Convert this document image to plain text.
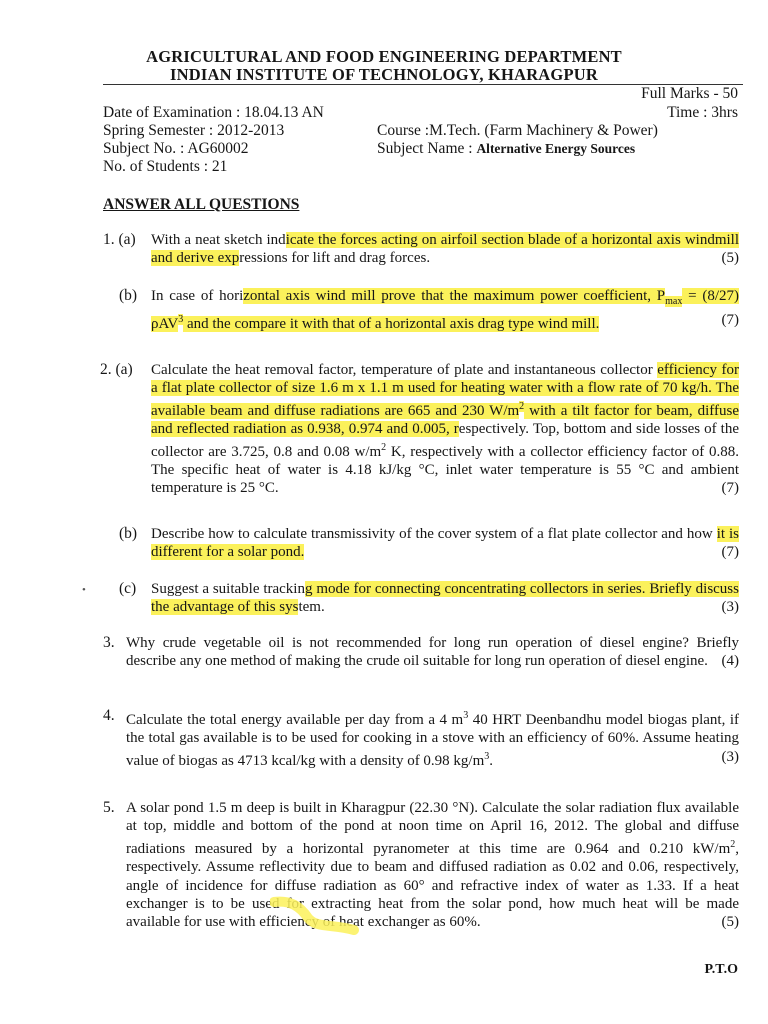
AGRICULTURAL AND FOOD ENGINEERING DEPARTMENT
INDIAN INSTITUTE OF TECHNOLOGY, KHARAGPUR
Full Marks - 50
Time : 3hrs
Date of Examination : 18.04.13 AN
Spring Semester : 2012-2013	Course :M.Tech. (Farm Machinery & Power)
Subject No. : AG60002	Subject Name : Alternative Energy Sources
No. of Students : 21
ANSWER ALL QUESTIONS
1. (a) With a neat sketch indicate the forces acting on airfoil section blade of a horizontal axis windmill and derive expressions for lift and drag forces.	(5)
(b) In case of horizontal axis wind mill prove that the maximum power coefficient, $P_{max} = (8/27)$ ρAV$^3$ and the compare it with that of a horizontal axis drag type wind mill.	(7)
2. (a) Calculate the heat removal factor, temperature of plate and instantaneous collector efficiency for a flat plate collector of size 1.6 m x 1.1 m used for heating water with a flow rate of 70 kg/h. The available beam and diffuse radiations are 665 and 230 $W/m^2$ with a tilt factor for beam, diffuse and reflected radiation as 0.938, 0.974 and 0.005, respectively. Top, bottom and side losses of the collector are 3.725, 0.8 and 0.08 $w/m^2$ K, respectively with a collector efficiency factor of 0.88. The specific heat of water is 4.18 kJ/kg °C, inlet water temperature is 55 °C and ambient temperature is 25 °C.	(7)
(b) Describe how to calculate transmissivity of the cover system of a flat plate collector and how it is different for a solar pond.	(7)
• (c) Suggest a suitable tracking mode for connecting concentrating collectors in series. Briefly discuss the advantage of this system.	(3)
3. Why crude vegetable oil is not recommended for long run operation of diesel engine? Briefly describe any one method of making the crude oil suitable for long run operation of diesel engine. (4)
4. Calculate the total energy available per day from a 4 $m^3$ 40 HRT Deenbandhu model biogas plant, if the total gas available is to be used for cooking in a stove with an efficiency of 60%. Assume heating value of biogas as 4713 kcal/kg with a density of 0.98 $kg/m^3$.	(3)
5. A solar pond 1.5 m deep is built in Kharagpur (22.30 °N). Calculate the solar radiation flux available at top, middle and bottom of the pond at noon time on April 16, 2012. The global and diffuse radiations measured by a horizontal pyranometer at this time are 0.964 and 0.210 $kW/m^2$, respectively. Assume reflectivity due to beam and diffused radiation as 0.02 and 0.06, respectively, angle of incidence for diffuse radiation as 60° and refractive index of water as 1.33. If a heat exchanger is to be used for extracting heat from the solar pond, how much heat will be made available for use with efficiency of heat exchanger as 60%.	(5)
P.T.O
